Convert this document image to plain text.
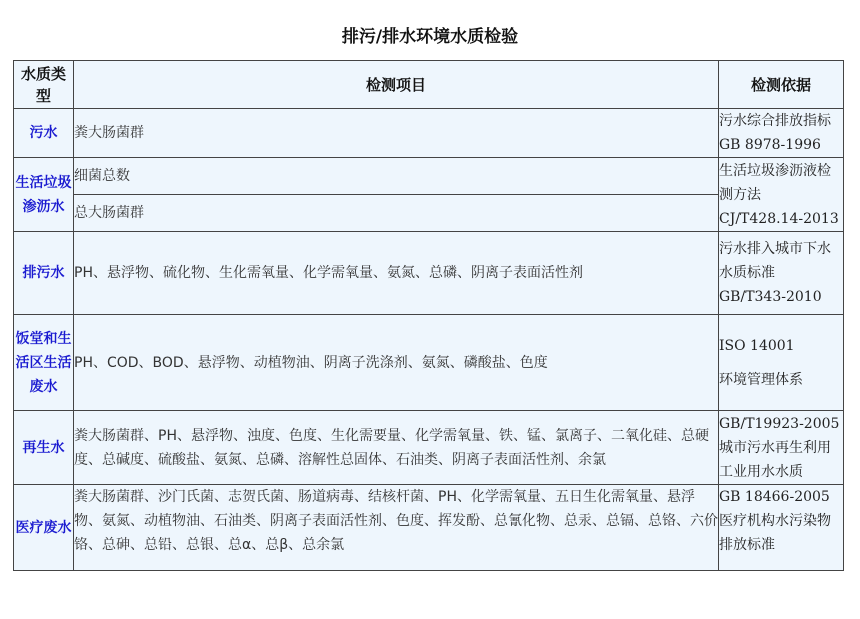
排污/排水环境水质检验
水质类型	检测项目	检测依据
污水	粪大肠菌群	污水综合排放指标GB 8978-1996
生活垃圾渗沥水	细菌总数	生活垃圾渗沥液检测方法CJ/T428.14-2013
	总大肠菌群	
排污水	PH、悬浮物、硫化物、生化需氧量、化学需氧量、氨氮、总磷、阴离子表面活性剂	污水排入城市下水水质标准 GB/T343-2010
饭堂和生活区生活废水	PH、COD、BOD、悬浮物、动植物油、阴离子洗涤剂、氨氮、磷酸盐、色度	ISO 14001
环境管理体系

再生水	粪大肠菌群、PH、悬浮物、浊度、色度、生化需要量、化学需氧量、铁、锰、氯离子、二氧化硅、总硬度、总碱度、硫酸盐、氨氮、总磷、溶解性总固体、石油类、阴离子表面活性剂、余氯	GB/T19923-2005城市污水再生利用工业用水水质
医疗废水	粪大肠菌群、沙门氏菌、志贺氏菌、肠道病毒、结核杆菌、PH、化学需氧量、五日生化需氧量、悬浮物、氨氮、动植物油、石油类、阴离子表面活性剂、色度、挥发酚、总氰化物、总汞、总镉、总铬、六价铬、总砷、总铅、总银、总α、总β、总余氯	GB 18466-2005 医疗机构水污染物排放标准
